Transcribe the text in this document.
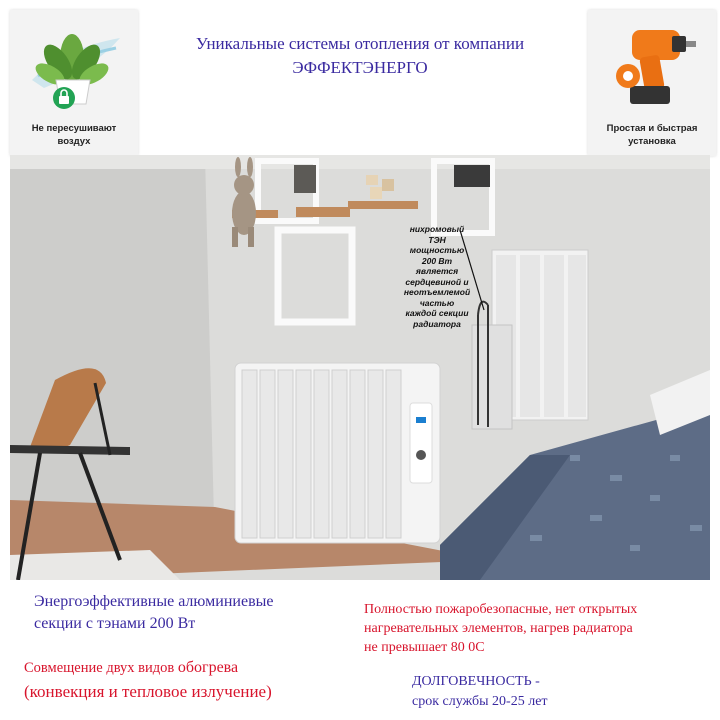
Не пересушивают
воздух
Уникальные системы отопления от компании
ЭФФЕКТЭНЕРГО
Простая и быстрая
установка
нихромовый
ТЭН
мощностью
200 Вт
является
сердцевиной и
неотъемлемой
частью
каждой секции
радиатора
Энергоэффективные алюминиевые
секции с тэнами 200 Вт
Полностью пожаробезопасные, нет открытых
нагревательных элементов, нагрев радиатора
не превышает 80 0С
Совмещение двух видов обогрева
(конвекция и тепловое излучение)
ДОЛГОВЕЧНОСТЬ -
срок службы 20-25 лет
